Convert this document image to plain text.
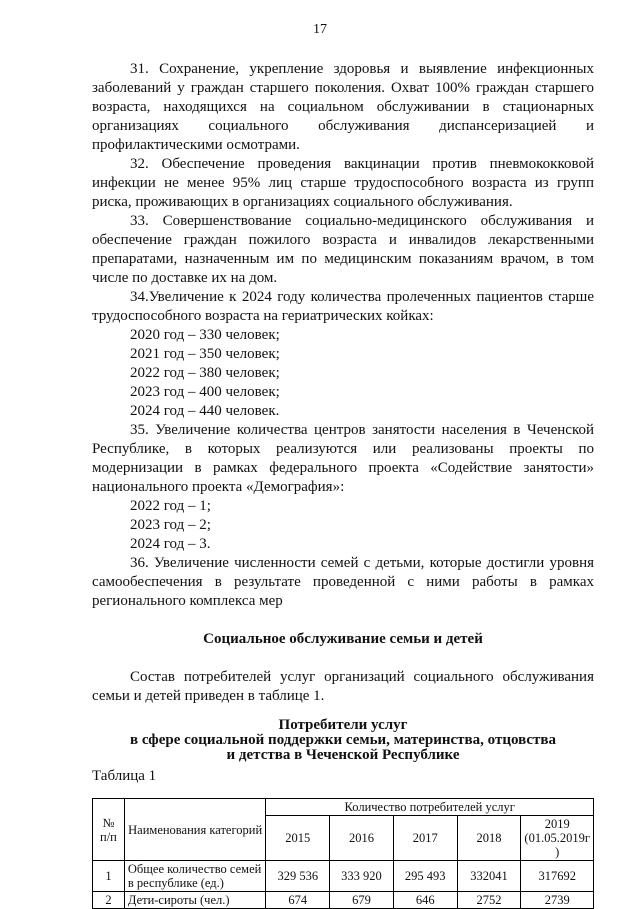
17

31. Сохранение, укрепление здоровья и выявление инфекционных заболеваний у граждан старшего поколения. Охват 100% граждан старшего возраста, находящихся на социальном обслуживании в стационарных организациях социального обслуживания диспансеризацией и профилактическими осмотрами.

32. Обеспечение проведения вакцинации против пневмококковой инфекции не менее 95% лиц старше трудоспособного возраста из групп риска, проживающих в организациях социального обслуживания.

33. Совершенствование социально-медицинского обслуживания и обеспечение граждан пожилого возраста и инвалидов лекарственными препаратами, назначенным им по медицинским показаниям врачом, в том числе по доставке их на дом.

34.Увеличение к 2024 году количества пролеченных пациентов старше трудоспособного возраста на гериатрических койках:

2020 год – 330 человек;

2021 год – 350 человек;

2022 год – 380 человек;

2023 год – 400 человек;

2024 год – 440 человек.

35. Увеличение количества центров занятости населения в Чеченской Республике, в которых реализуются или реализованы проекты по модернизации в рамках федерального проекта «Содействие занятости» национального проекта «Демография»:

2022 год – 1;

2023 год – 2;

2024 год – 3.

36. Увеличение численности семей с детьми, которые достигли уровня самообеспечения в результате проведенной с ними работы в рамках регионального комплекса мер

Социальное обслуживание семьи и детей

Состав потребителей услуг организаций социального обслуживания семьи и детей приведен в таблице 1.

Потребители услуг
в сфере социальной поддержки семьи, материнства, отцовства
и детства в Чеченской Республике
Таблица 1
№ п/п	Наименования категорий	Количество потребителей услуг				
		2015	2016	2017	2018	2019 (01.05.2019г )
1	Общее количество семей в республике (ед.)	329 536	333 920	295 493	332041	317692
2	Дети-сироты (чел.)	674	679	646	2752	2739
